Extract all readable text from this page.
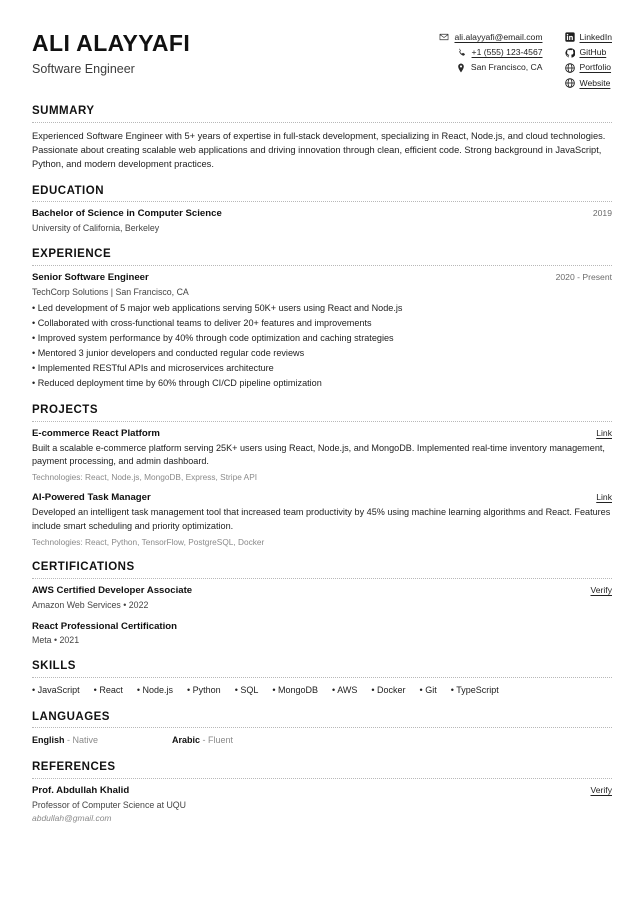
ALI ALAYYAFI
Software Engineer
ali.alayyafi@email.com
+1 (555) 123-4567
San Francisco, CA
LinkedIn
GitHub
Portfolio
Website
SUMMARY
Experienced Software Engineer with 5+ years of expertise in full-stack development, specializing in React, Node.js, and cloud technologies. Passionate about creating scalable web applications and driving innovation through clean, efficient code. Strong background in JavaScript, Python, and modern development practices.
EDUCATION
Bachelor of Science in Computer Science	2019
University of California, Berkeley
EXPERIENCE
Senior Software Engineer	2020 - Present
TechCorp Solutions | San Francisco, CA
• Led development of 5 major web applications serving 50K+ users using React and Node.js
• Collaborated with cross-functional teams to deliver 20+ features and improvements
• Improved system performance by 40% through code optimization and caching strategies
• Mentored 3 junior developers and conducted regular code reviews
• Implemented RESTful APIs and microservices architecture
• Reduced deployment time by 60% through CI/CD pipeline optimization
PROJECTS
E-commerce React Platform	Link
Built a scalable e-commerce platform serving 25K+ users using React, Node.js, and MongoDB. Implemented real-time inventory management, payment processing, and admin dashboard.
Technologies: React, Node.js, MongoDB, Express, Stripe API
AI-Powered Task Manager	Link
Developed an intelligent task management tool that increased team productivity by 45% using machine learning algorithms and React. Features include smart scheduling and priority optimization.
Technologies: React, Python, TensorFlow, PostgreSQL, Docker
CERTIFICATIONS
AWS Certified Developer Associate	Verify
Amazon Web Services • 2022
React Professional Certification
Meta • 2021
SKILLS
• JavaScript • React • Node.js • Python • SQL • MongoDB • AWS • Docker • Git • TypeScript
LANGUAGES
English - Native	Arabic - Fluent
REFERENCES
Prof. Abdullah Khalid	Verify
Professor of Computer Science at UQU
abdullah@gmail.com
